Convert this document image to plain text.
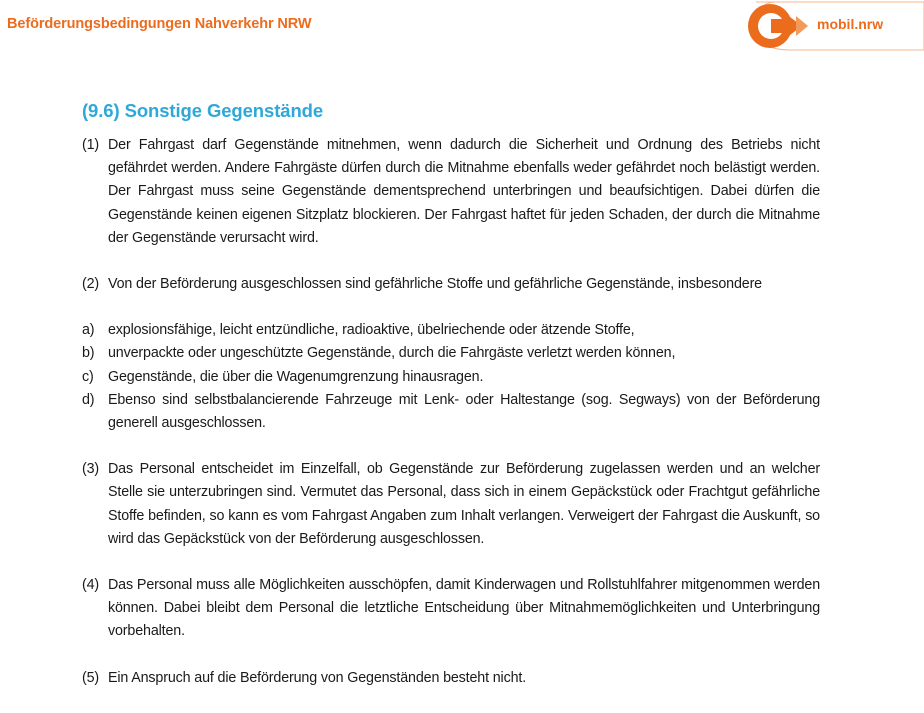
Beförderungsbedingungen Nahverkehr NRW	mobil.nrw
(9.6) Sonstige Gegenstände
(1) Der Fahrgast darf Gegenstände mitnehmen, wenn dadurch die Sicherheit und Ordnung des Betriebs nicht gefährdet werden. Andere Fahrgäste dürfen durch die Mitnahme ebenfalls weder gefährdet noch belästigt werden. Der Fahrgast muss seine Gegenstände dementsprechend unterbringen und beaufsichtigen. Dabei dürfen die Gegenstände keinen eigenen Sitzplatz blockieren. Der Fahrgast haftet für jeden Schaden, der durch die Mitnahme der Gegenstände verursacht wird.
(2) Von der Beförderung ausgeschlossen sind gefährliche Stoffe und gefährliche Gegenstände, insbesondere
a) explosionsfähige, leicht entzündliche, radioaktive, übelriechende oder ätzende Stoffe,
b) unverpackte oder ungeschützte Gegenstände, durch die Fahrgäste verletzt werden können,
c)	Gegenstände, die über die Wagenumgrenzung hinausragen.
d) Ebenso sind selbstbalancierende Fahrzeuge mit Lenk- oder Haltestange (sog. Segways) von der Beförderung generell ausgeschlossen.
(3) Das Personal entscheidet im Einzelfall, ob Gegenstände zur Beförderung zugelassen werden und an welcher Stelle sie unterzubringen sind. Vermutet das Personal, dass sich in einem Gepäckstück oder Frachtgut gefährliche Stoffe befinden, so kann es vom Fahrgast Angaben zum Inhalt verlangen. Verweigert der Fahrgast die Auskunft, so wird das Gepäckstück von der Beförderung ausgeschlossen.
(4) Das Personal muss alle Möglichkeiten ausschöpfen, damit Kinderwagen und Rollstuhlfahrer mitgenommen werden können. Dabei bleibt dem Personal die letztliche Entscheidung über Mitnahmemöglichkeiten und Unterbringung vorbehalten.
(5) Ein Anspruch auf die Beförderung von Gegenständen besteht nicht.
